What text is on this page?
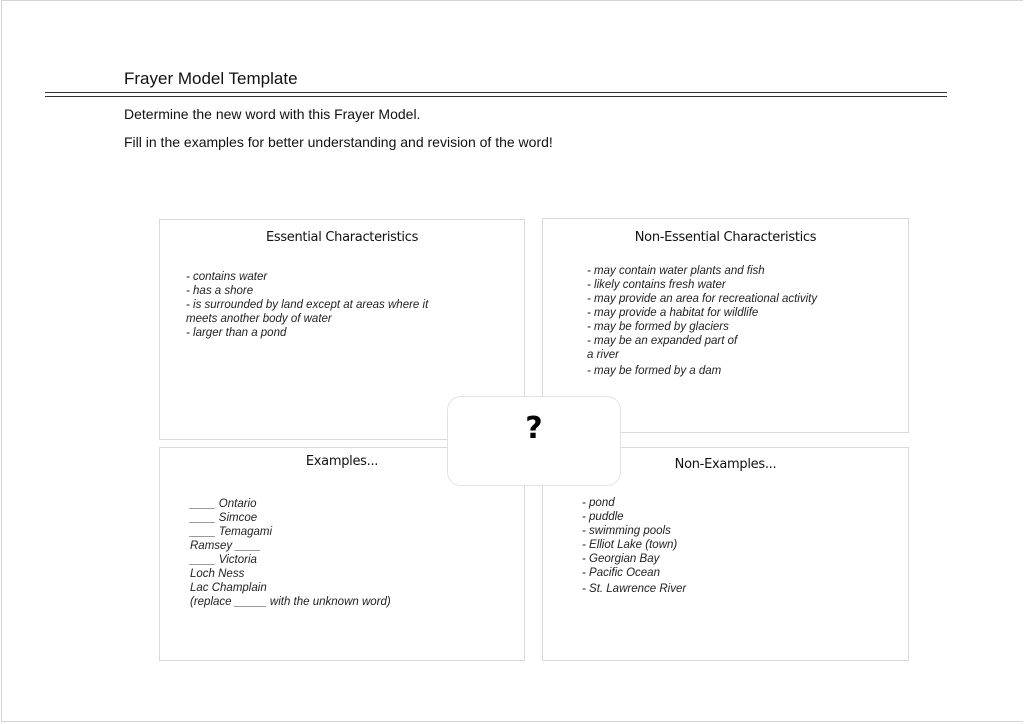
Frayer Model Template
Determine the new word with this Frayer Model.
Fill in the examples for better understanding and revision of the word!
Essential Characteristics
- contains water
- has a shore
- is surrounded by land except at areas where it
meets another body of water
- larger than a pond
Non-Essential Characteristics
- may contain water plants and fish
- likely contains fresh water
- may provide an area for recreational activity
- may provide a habitat for wildlife
- may be formed by glaciers
- may be an expanded part of
a river
- may be formed by a dam
Examples...
____ Ontario
____ Simcoe
____ Temagami
Ramsey ____
____ Victoria
Loch Ness
Lac Champlain
(replace _____ with the unknown word)
Non-Examples...
- pond
- puddle
- swimming pools
- Elliot Lake (town)
- Georgian Bay
- Pacific Ocean
- St. Lawrence River
?
